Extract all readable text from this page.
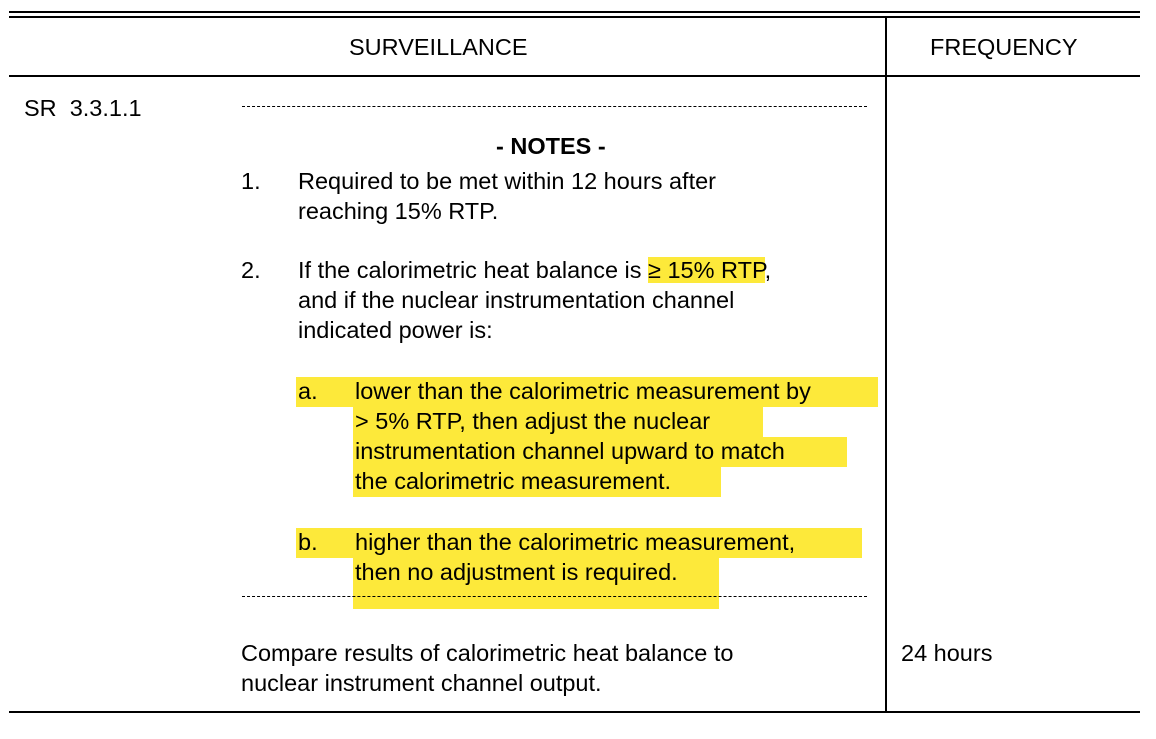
SURVEILLANCE	FREQUENCY
SR  3.3.1.1
- NOTES -
1. Required to be met within 12 hours after
reaching 15% RTP.
2. If the calorimetric heat balance is ≥ 15% RTP,
and if the nuclear instrumentation channel
indicated power is:
a. lower than the calorimetric measurement by
> 5% RTP, then adjust the nuclear
instrumentation channel upward to match
the calorimetric measurement.
b. higher than the calorimetric measurement,
then no adjustment is required.
Compare results of calorimetric heat balance to
nuclear instrument channel output.
24 hours
